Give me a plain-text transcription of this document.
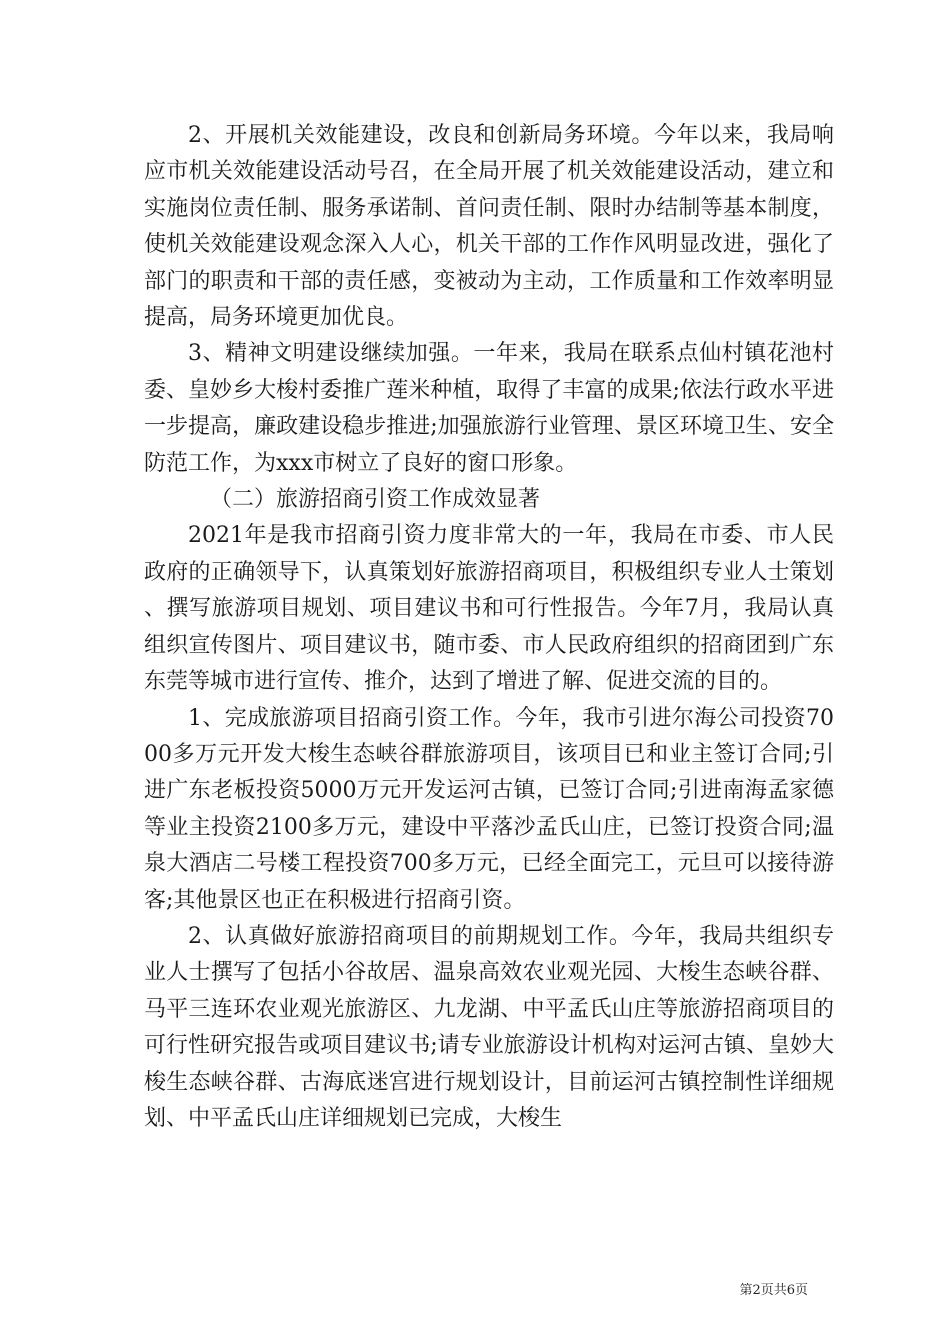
2、开展机关效能建设，改良和创新局务环境。今年以来，我局响应市机关效能建设活动号召，在全局开展了机关效能建设活动，建立和实施岗位责任制、服务承诺制、首问责任制、限时办结制等基本制度，使机关效能建设观念深入人心，机关干部的工作作风明显改进，强化了部门的职责和干部的责任感，变被动为主动，工作质量和工作效率明显提高，局务环境更加优良。

3、精神文明建设继续加强。一年来，我局在联系点仙村镇花池村委、皇妙乡大梭村委推广莲米种植，取得了丰富的成果;依法行政水平进一步提高，廉政建设稳步推进;加强旅游行业管理、景区环境卫生、安全防范工作，为xxx市树立了良好的窗口形象。

（二）旅游招商引资工作成效显著

2021年是我市招商引资力度非常大的一年，我局在市委、市人民政府的正确领导下，认真策划好旅游招商项目，积极组织专业人士策划、撰写旅游项目规划、项目建议书和可行性报告。今年7月，我局认真组织宣传图片、项目建议书，随市委、市人民政府组织的招商团到广东东莞等城市进行宣传、推介，达到了增进了解、促进交流的目的。

1、完成旅游项目招商引资工作。今年，我市引进尔海公司投资7000多万元开发大梭生态峡谷群旅游项目，该项目已和业主签订合同;引进广东老板投资5000万元开发运河古镇，已签订合同;引进南海孟家德等业主投资2100多万元，建设中平落沙孟氏山庄，已签订投资合同;温泉大酒店二号楼工程投资700多万元，已经全面完工，元旦可以接待游客;其他景区也正在积极进行招商引资。

2、认真做好旅游招商项目的前期规划工作。今年，我局共组织专业人士撰写了包括小谷故居、温泉高效农业观光园、大梭生态峡谷群、马平三连环农业观光旅游区、九龙湖、中平孟氏山庄等旅游招商项目的可行性研究报告或项目建议书;请专业旅游设计机构对运河古镇、皇妙大梭生态峡谷群、古海底迷宫进行规划设计，目前运河古镇控制性详细规划、中平孟氏山庄详细规划已完成，大梭生

第2页共6页
